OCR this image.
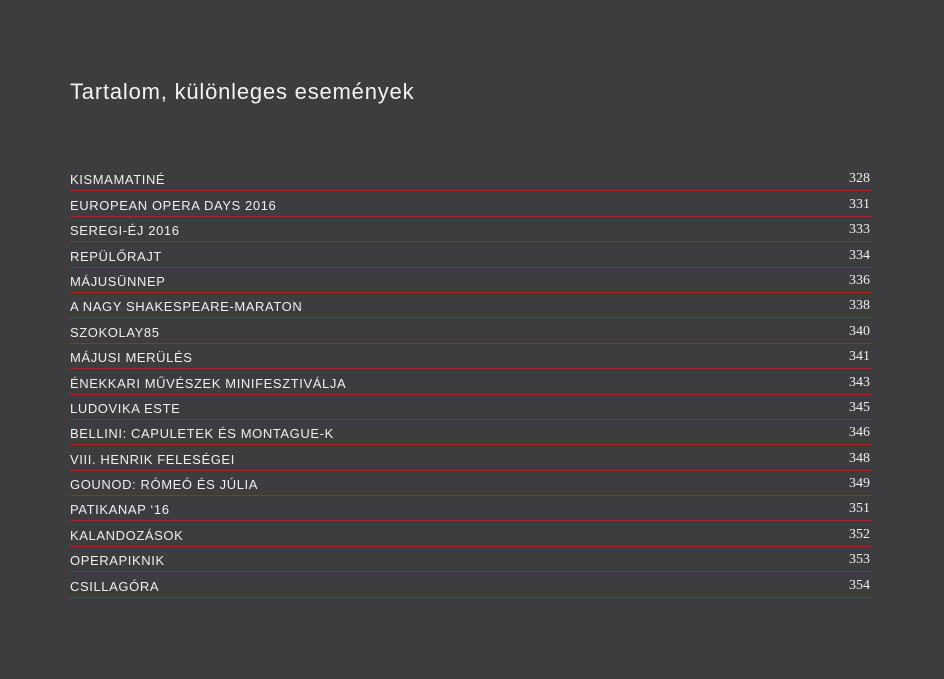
Tartalom, különleges események
KISMAMATINÉ	328
EUROPEAN OPERA DAYS 2016	331
SEREGI-ÉJ 2016	333
REPÜLŐRAJT	334
MÁJUSÜNNEP	336
A NAGY SHAKESPEARE-MARATON	338
SZOKOLAY85	340
MÁJUSI MERÜLÉS	341
ÉNEKKARI MŰVÉSZEK MINIFESZTIVÁLJA	343
LUDOVIKA ESTE	345
BELLINI: CAPULETEK ÉS MONTAGUE-K	346
VIII. HENRIK FELESÉGEI	348
GOUNOD: RÓMEÓ ÉS JÚLIA	349
PATIKANAP ‘16	351
KALANDOZÁSOK	352
OPERAPIKNIK	353
CSILLAGÓRA	354
